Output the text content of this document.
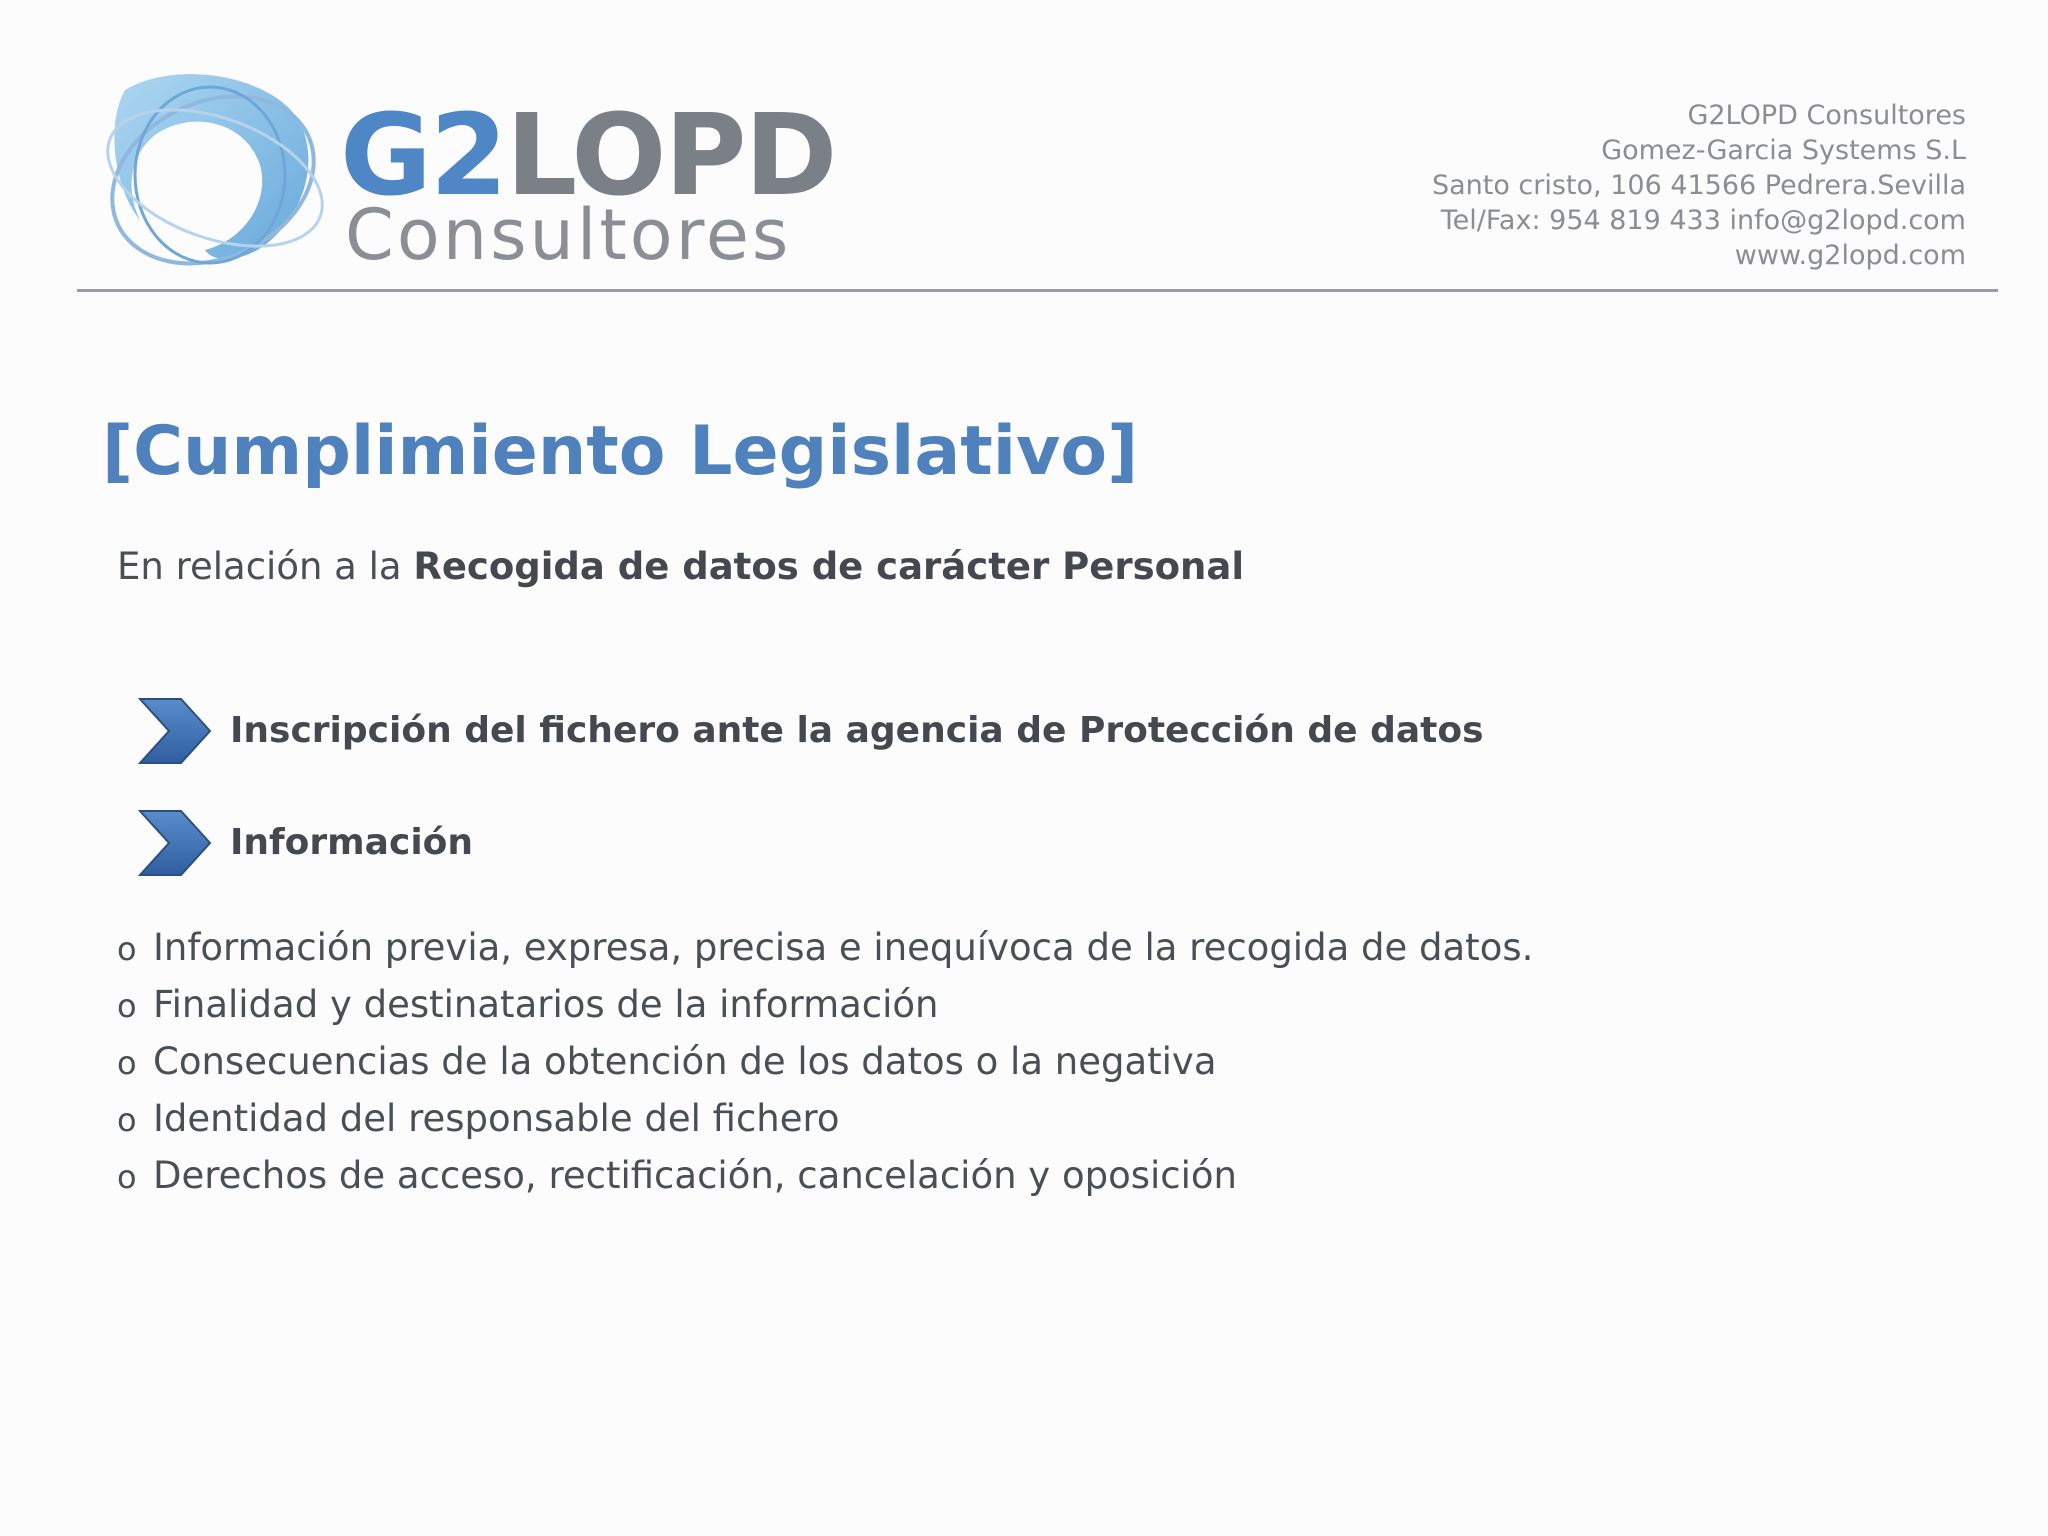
G2LOPD
Consultores
G2LOPD Consultores
Gomez-Garcia Systems S.L
Santo cristo, 106 41566 Pedrera.Sevilla
Tel/Fax: 954 819 433 info@g2lopd.com
www.g2lopd.com
[Cumplimiento Legislativo]
En relación a la Recogida de datos de carácter Personal
Inscripción del fichero ante la agencia de Protección de datos
Información
o Información previa, expresa, precisa e inequívoca de la recogida de datos.
o Finalidad y destinatarios de la información
o Consecuencias de la obtención de los datos o la negativa
o Identidad del responsable del fichero
o Derechos de acceso, rectificación, cancelación y oposición
